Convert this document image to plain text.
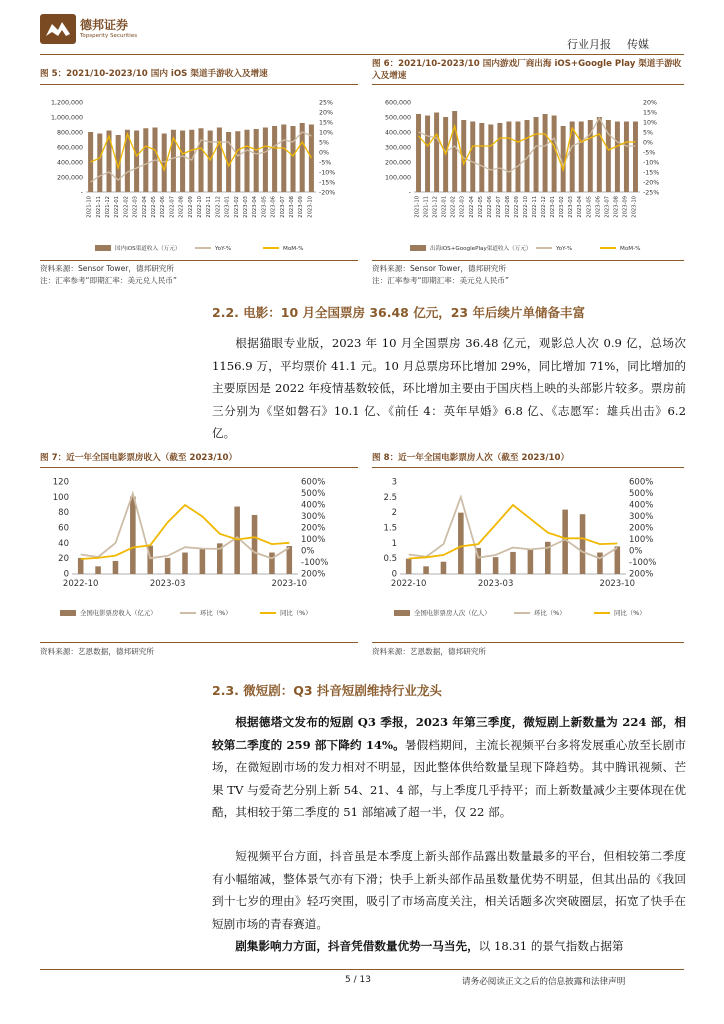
德邦证券
Topsperity Securities
行业月报 传媒
图 5：2021/10-2023/10 国内 iOS 渠道手游收入及增速
1,200,000
1,000,000
800,000
600,000
400,000
200,000
-
25%
20%
15%
10%
5%
0%
-5%
-10%
-15%
-20%
2021-10 2021-11 2021-12 2022-01 2022-02 2022-03 2022-04 2022-05 2022-06 2022-07 2022-08 2022-09 2022-10 2022-11 2022-12 2023-01 2023-02 2023-03 2023-04 2023-05 2023-06 2023-07 2023-08 2023-09 2023-10
国内iOS渠道收入（万元）	YoY-%	MoM-%
资料来源：Sensor Tower，德邦研究所
注：汇率参考“即期汇率：美元兑人民币”
图 6：2021/10-2023/10 国内游戏厂商出海 iOS+Google Play 渠道手游收入及增速
600,000
500,000
400,000
300,000
200,000
100,000
-
20%
15%
10%
5%
0%
-5%
-10%
-15%
-20%
-25%
2021-10 2021-11 2021-12 2022-01 2022-02 2022-03 2022-04 2022-05 2022-06 2022-07 2022-08 2022-09 2022-10 2022-11 2022-12 2023-01 2023-02 2023-03 2023-04 2023-05 2023-06 2023-07 2023-08 2023-09 2023-10
出海iOS+GooglePlay渠道收入（万元）	YoY-%	MoM-%
资料来源：Sensor Tower，德邦研究所
注：汇率参考“即期汇率：美元兑人民币”
2.2. 电影：10 月全国票房 36.48 亿元，23 年后续片单储备丰富
根据猫眼专业版，2023 年 10 月全国票房 36.48 亿元，观影总人次 0.9 亿，总场次 1156.9 万，平均票价 41.1 元。10 月总票房环比增加 29%，同比增加 71%，同比增加的主要原因是 2022 年疫情基数较低，环比增加主要由于国庆档上映的头部影片较多。票房前三分别为《坚如磐石》10.1 亿、《前任 4：英年早婚》6.8 亿、《志愿军：雄兵出击》6.2 亿。
图 7：近一年全国电影票房收入（截至 2023/10）
0
20
40
60
80
100
120	600%
500%
400%
300%
200%
100%
0%
-100%
200%
2022-10	2023-03	2023-10
全国电影票房收入（亿元）	环比（%）	同比（%）
资料来源：艺恩数据，德邦研究所
图 8：近一年全国电影票房人次（截至 2023/10）
0
0.5
1
1.5
2
2.5
3	600%
500%
400%
300%
200%
100%
0%
-100%
200%
2022-10	2023-03	2023-10
全国电影票房人次（亿人）	环比（%）	同比（%）
资料来源：艺恩数据，德邦研究所
2.3. 微短剧：Q3 抖音短剧维持行业龙头
根据德塔文发布的短剧 Q3 季报，2023 年第三季度，微短剧上新数量为 224 部，相较第二季度的 259 部下降约 14%。暑假档期间，主流长视频平台多将发展重心放至长剧市场，在微短剧市场的发力相对不明显，因此整体供给数量呈现下降趋势。其中腾讯视频、芒果 TV 与爱奇艺分别上新 54、21、4 部，与上季度几乎持平；而上新数量减少主要体现在优酷，其相较于第二季度的 51 部缩减了超一半，仅 22 部。
短视频平台方面，抖音虽是本季度上新头部作品露出数量最多的平台，但相较第二季度有小幅缩减，整体景气亦有下滑；快手上新头部作品虽数量优势不明显，但其出品的《我回到十七岁的理由》轻巧突围，吸引了市场高度关注，相关话题多次突破圈层，拓宽了快手在短剧市场的青春赛道。
剧集影响力方面，抖音凭借数量优势一马当先，以 18.31 的景气指数占据第
5 / 13	请务必阅读正文之后的信息披露和法律声明
